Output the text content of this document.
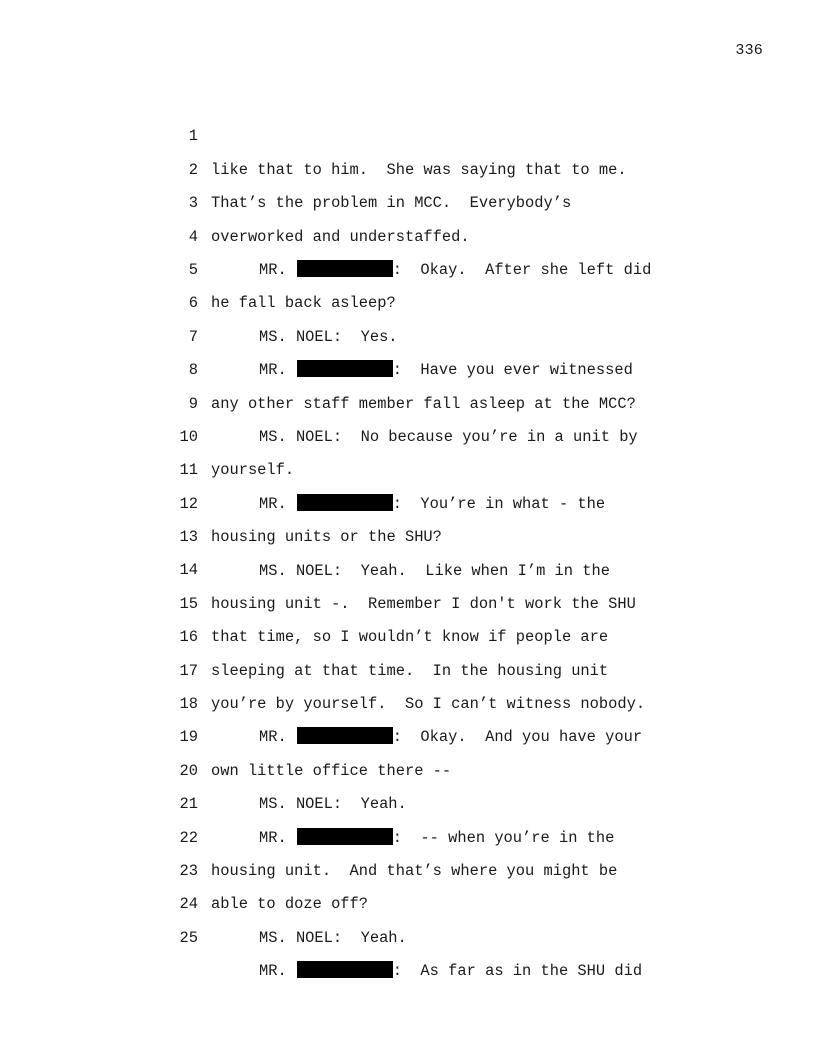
336

1

like that to him.  She was saying that to me.

2

That’s the problem in MCC.  Everybody’s

3

overworked and understaffed.

4

MR.	:  Okay.  After she left did

5

he fall back asleep?

6

MS. NOEL:  Yes.

7

MR.	:  Have you ever witnessed

8

any other staff member fall asleep at the MCC?

9

MS. NOEL:  No because you’re in a unit by

10

yourself.

11

MR.	:  You’re in what - the

12

housing units or the SHU?

13

MS. NOEL:  Yeah.  Like when I’m in the

14

housing unit -.  Remember I don't work the SHU

15

that time, so I wouldn’t know if people are

16

sleeping at that time.  In the housing unit

17

you’re by yourself.  So I can’t witness nobody.

18

MR.	:  Okay.  And you have your

19

own little office there --

20

MS. NOEL:  Yeah.

21

MR.	:  -- when you’re in the

22

housing unit.  And that’s where you might be

23

able to doze off?

24

MS. NOEL:  Yeah.

25

MR.	:  As far as in the SHU did
